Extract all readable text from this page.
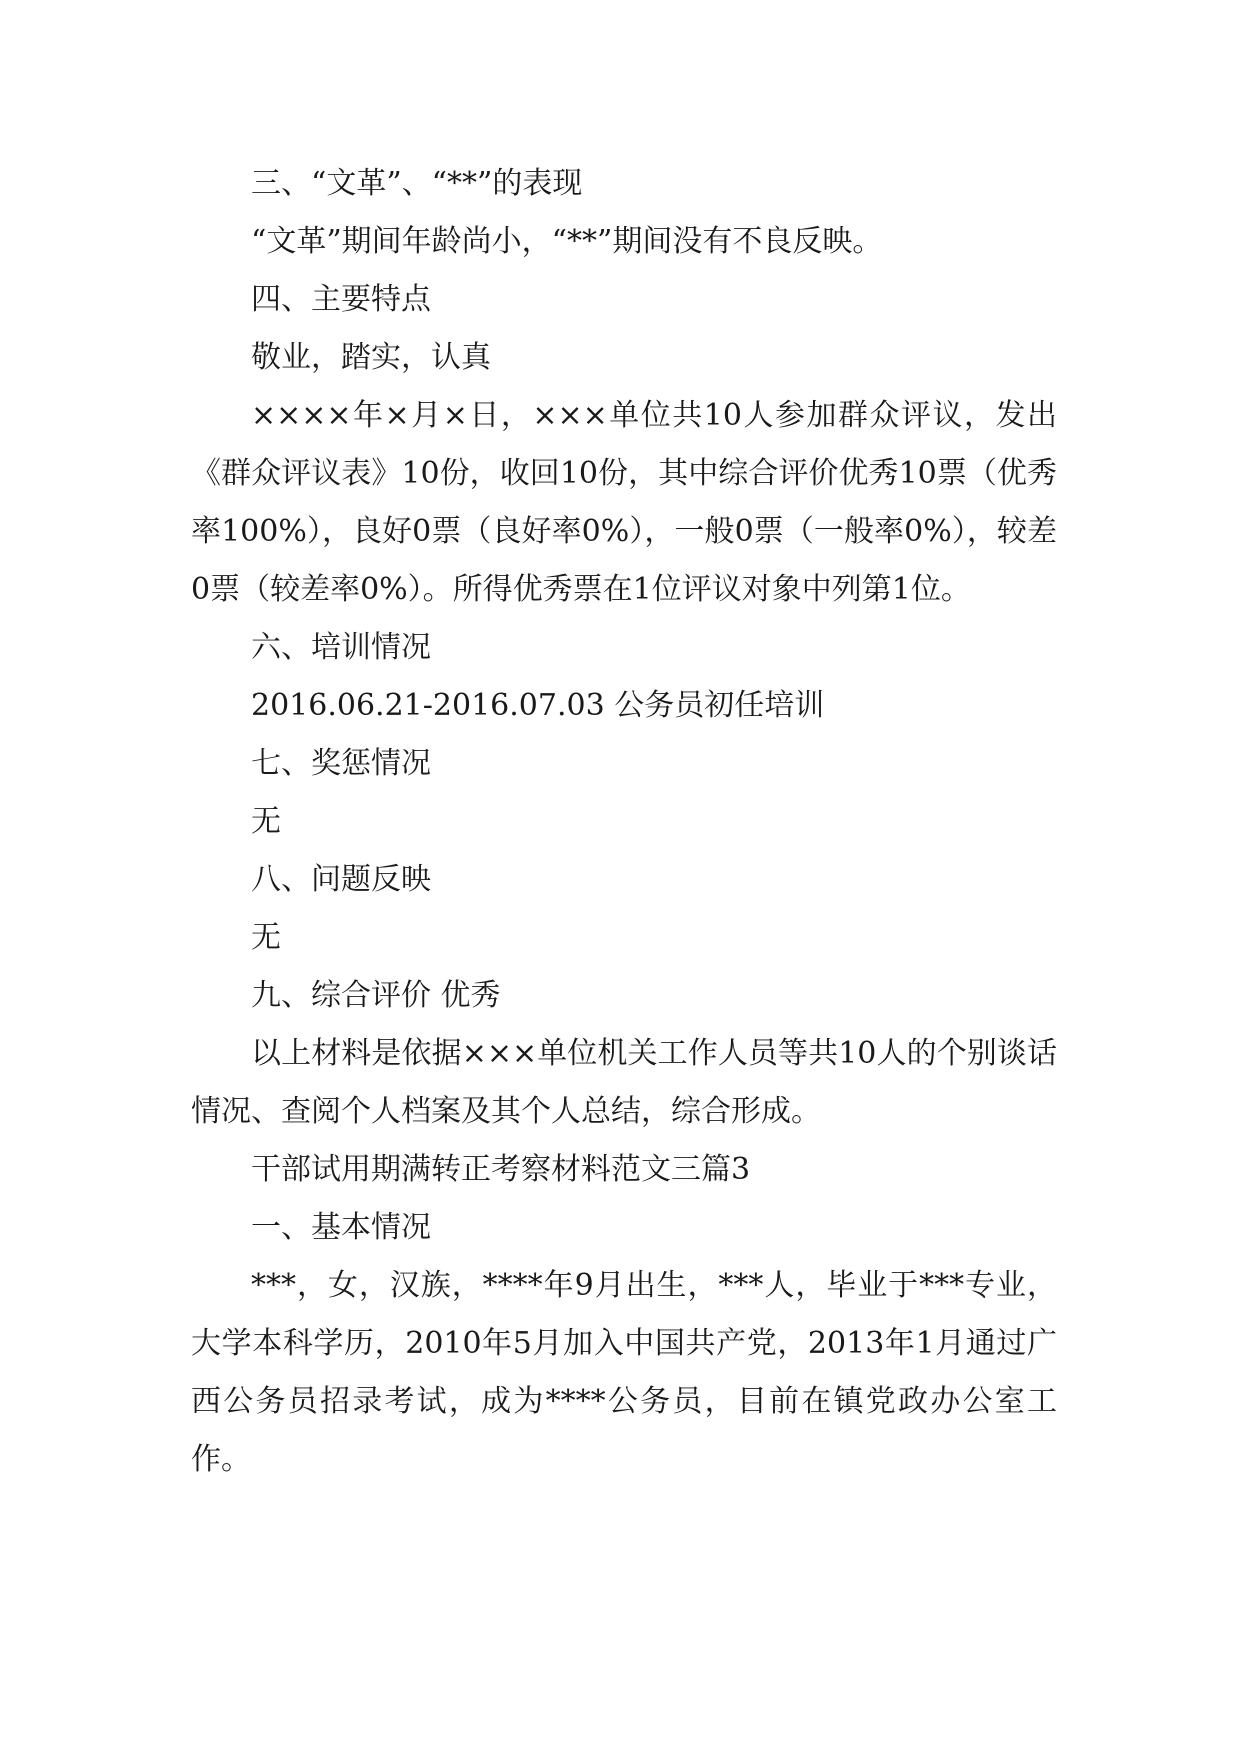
三、“文革”、“**”的表现

“文革”期间年龄尚小，“**”期间没有不良反映。

四、主要特点

敬业，踏实，认真

××××年×月×日，×××单位共10人参加群众评议，发出《群众评议表》10份，收回10份，其中综合评价优秀10票（优秀率100%），良好0票（良好率0%），一般0票（一般率0%），较差0票（较差率0%）。所得优秀票在1位评议对象中列第1位。

六、培训情况

2016.06.21-2016.07.03 公务员初任培训

七、奖惩情况

无

八、问题反映

无

九、综合评价 优秀

以上材料是依据×××单位机关工作人员等共10人的个别谈话情况、查阅个人档案及其个人总结，综合形成。

干部试用期满转正考察材料范文三篇3

一、基本情况

***，女，汉族，****年9月出生，***人，毕业于***专业，大学本科学历，2010年5月加入中国共产党，2013年1月通过广西公务员招录考试，成为****公务员，目前在镇党政办公室工作。
